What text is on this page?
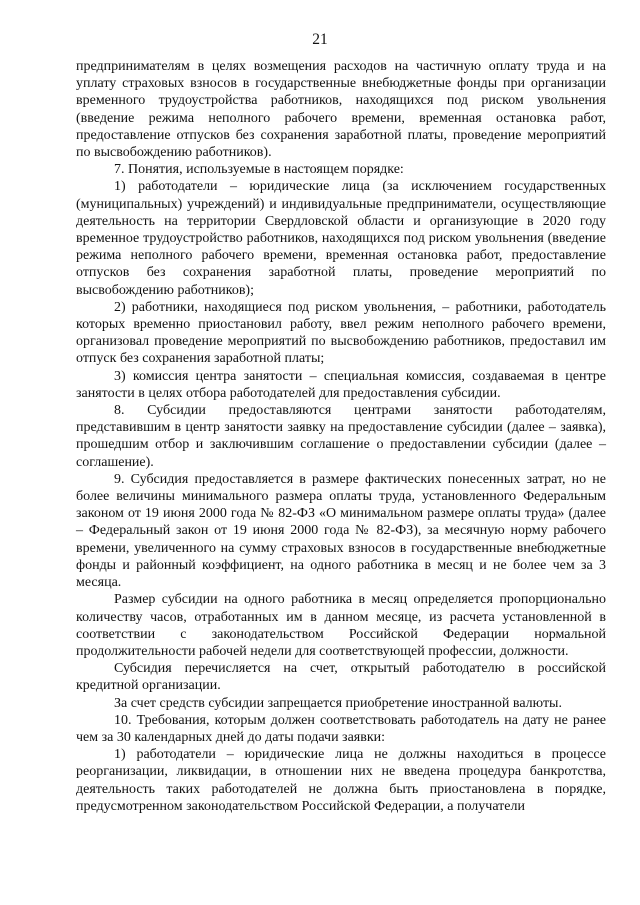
21

предпринимателям в целях возмещения расходов на частичную оплату труда и на уплату страховых взносов в государственные внебюджетные фонды при организации временного трудоустройства работников, находящихся под риском увольнения (введение режима неполного рабочего времени, временная остановка работ, предоставление отпусков без сохранения заработной платы, проведение мероприятий по высвобождению работников).

7. Понятия, используемые в настоящем порядке:

1) работодатели – юридические лица (за исключением государственных (муниципальных) учреждений) и индивидуальные предприниматели, осуществляющие деятельность на территории Свердловской области и организующие в 2020 году временное трудоустройство работников, находящихся под риском увольнения (введение режима неполного рабочего времени, временная остановка работ, предоставление отпусков без сохранения заработной платы, проведение мероприятий по высвобождению работников);

2) работники, находящиеся под риском увольнения, – работники, работодатель которых временно приостановил работу, ввел режим неполного рабочего времени, организовал проведение мероприятий по высвобождению работников, предоставил им отпуск без сохранения заработной платы;

3) комиссия центра занятости – специальная комиссия, создаваемая в центре занятости в целях отбора работодателей для предоставления субсидии.

8. Субсидии предоставляются центрами занятости работодателям, представившим в центр занятости заявку на предоставление субсидии (далее – заявка), прошедшим отбор и заключившим соглашение о предоставлении субсидии (далее – соглашение).

9. Субсидия предоставляется в размере фактических понесенных затрат, но не более величины минимального размера оплаты труда, установленного Федеральным законом от 19 июня 2000 года № 82-ФЗ «О минимальном размере оплаты труда» (далее – Федеральный закон от 19 июня 2000 года № 82-ФЗ), за месячную норму рабочего времени, увеличенного на сумму страховых взносов в государственные внебюджетные фонды и районный коэффициент, на одного работника в месяц и не более чем за 3 месяца.

Размер субсидии на одного работника в месяц определяется пропорционально количеству часов, отработанных им в данном месяце, из расчета установленной в соответствии с законодательством Российской Федерации нормальной продолжительности рабочей недели для соответствующей профессии, должности.

Субсидия перечисляется на счет, открытый работодателю в российской кредитной организации.

За счет средств субсидии запрещается приобретение иностранной валюты.

10. Требования, которым должен соответствовать работодатель на дату не ранее чем за 30 календарных дней до даты подачи заявки:

1) работодатели – юридические лица не должны находиться в процессе реорганизации, ликвидации, в отношении них не введена процедура банкротства, деятельность таких работодателей не должна быть приостановлена в порядке, предусмотренном законодательством Российской Федерации, а получатели
